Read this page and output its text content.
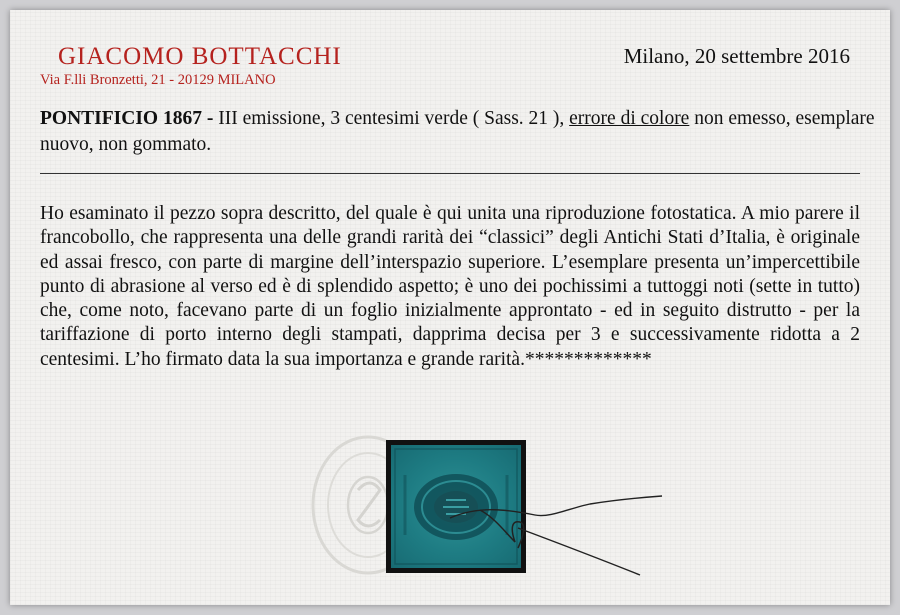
GIACOMO BOTTACCHI
Via F.lli Bronzetti, 21 - 20129 MILANO
Milano, 20 settembre 2016
PONTIFICIO 1867 - III emissione, 3 centesimi verde ( Sass. 21 ), errore di colore non emesso, esemplare nuovo, non gommato.

Ho esaminato il pezzo sopra descritto, del quale è qui unita una riproduzione fotostatica. A mio parere il francobollo, che rappresenta una delle grandi rarità dei “classici” degli Antichi Stati d’Italia, è originale ed assai fresco, con parte di margine dell’interspazio superiore. L’esemplare presenta un’impercettibile punto di abrasione al verso ed è di splendido aspetto; è uno dei pochissimi a tuttoggi noti (sette in tutto) che, come noto, facevano parte di un foglio inizialmente approntato - ed in seguito distrutto - per la tariffazione di porto interno degli stampati, dapprima decisa per 3 e successivamente ridotta a 2 centesimi. L’ho firmato data la sua importanza e grande rarità.*************
